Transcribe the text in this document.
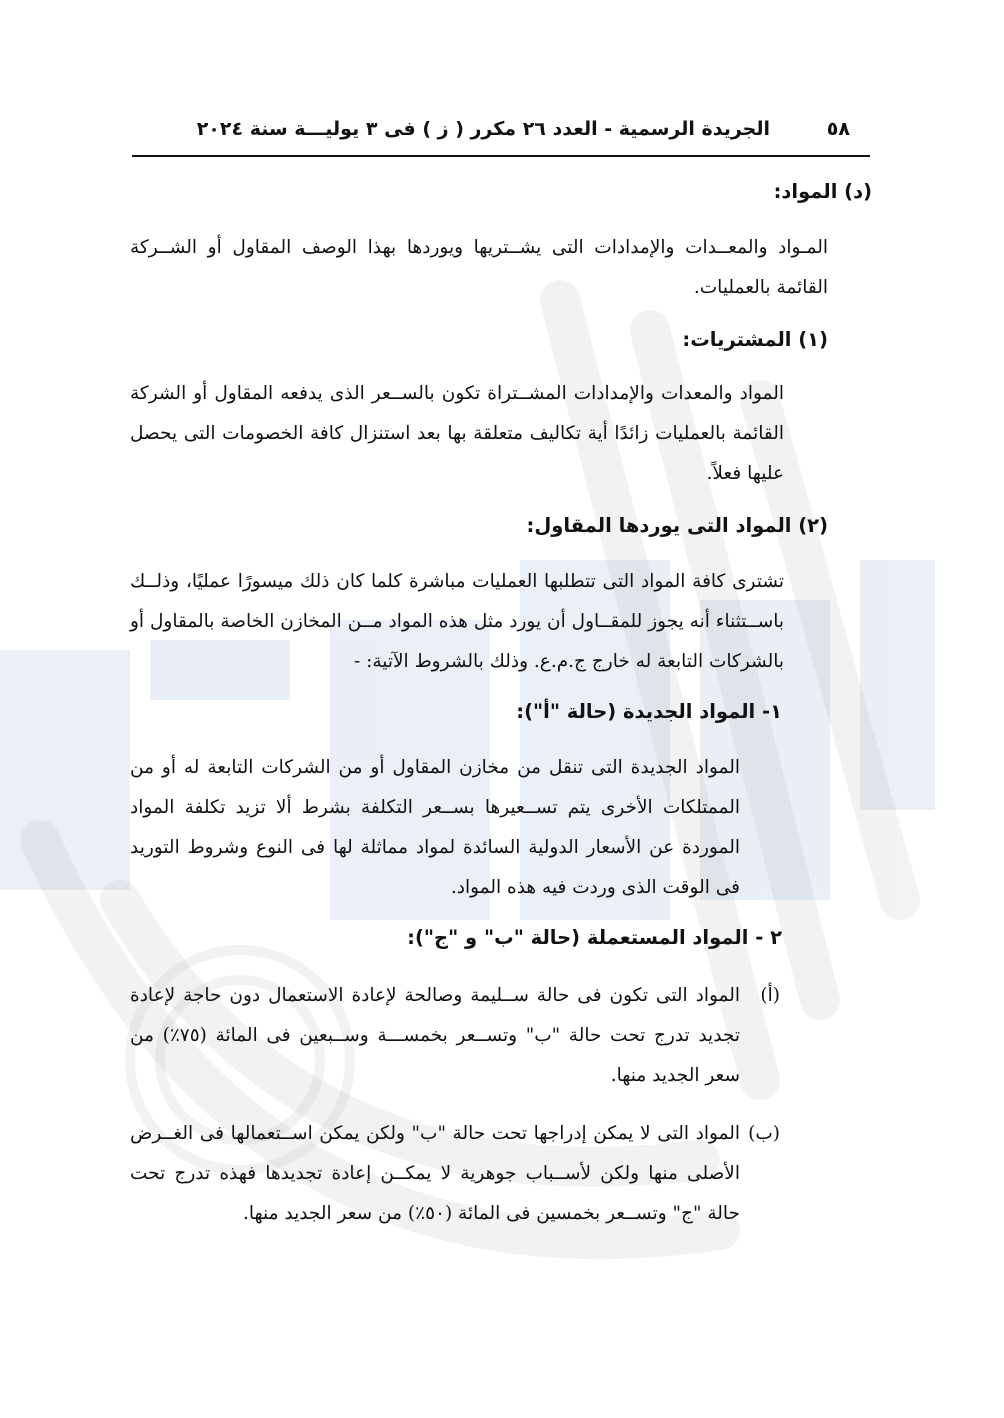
٥٨
الجريدة الرسمية - العدد ٢٦ مكرر ( ز ) فى ٣ يوليـــة سنة ٢٠٢٤
(د) المواد:
المـواد والمعــدات والإمدادات التى يشــتريها ويوردها بهذا الوصف المقاول أو الشــركة القائمة بالعمليات.
(١) المشتريات:
المواد والمعدات والإمدادات المشــتراة تكون بالســعر الذى يدفعه المقاول أو الشركة القائمة بالعمليات زائدًا أية تكاليف متعلقة بها بعد استنزال كافة الخصومات التى يحصل عليها فعلاً.
(٢) المواد التى يوردها المقاول:
تشترى كافة المواد التى تتطلبها العمليات مباشرة كلما كان ذلك ميسورًا عمليًا، وذلــك باســتثناء أنه يجوز للمقــاول أن يورد مثل هذه المواد مــن المخازن الخاصة بالمقاول أو بالشركات التابعة له خارج ج.م.ع. وذلك بالشروط الآتية: -
١- المواد الجديدة (حالة "أ"):
المواد الجديدة التى تنقل من مخازن المقاول أو من الشركات التابعة له أو من الممتلكات الأخرى يتم تســعيرها بســعر التكلفة بشرط ألا تزيد تكلفة المواد الموردة عن الأسعار الدولية السائدة لمواد مماثلة لها فى النوع وشروط التوريد فى الوقت الذى وردت فيه هذه المواد.
٢ - المواد المستعملة (حالة "ب" و "ج"):
(أ)
المواد التى تكون فى حالة ســليمة وصالحة لإعادة الاستعمال دون حاجة لإعادة تجديد تدرج تحت حالة "ب" وتســعر بخمســـة وســبعين فى المائة (٧٥٪) من سعر الجديد منها.
(ب)
المواد التى لا يمكن إدراجها تحت حالة "ب" ولكن يمكن اســتعمالها فى الغــرض الأصلى منها ولكن لأســباب جوهرية لا يمكــن إعادة تجديدها فهذه تدرج تحت حالة "ج" وتســعر بخمسين فى المائة (٥٠٪) من سعر الجديد منها.
